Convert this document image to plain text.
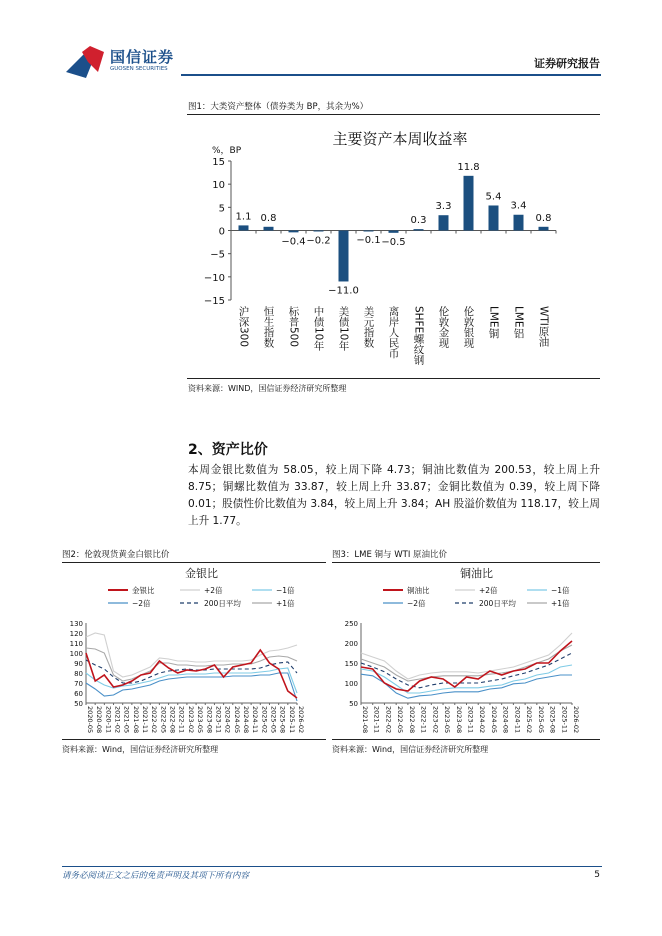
国信证券
GUOSEN SECURITIES	证券研究报告
图1：大类资产整体（债券类为 BP，其余为%）
主要资产本周收益率
%，BP
15
10
5
0
−5
−10
−15
1.1 0.8
−0.4 −0.2
−11.0
−0.1 −0.5
0.3
3.3
11.8
5.4
3.4
0.8
沪深300 恒生指数 标普500 中债10年 美债10年 美元指数 离岸人民币 SHFE螺纹钢 伦敦金现 伦敦银现 LME铜 LME铝 WTI原油
资料来源：WIND，国信证券经济研究所整理
2、资产比价

本周金银比数值为 58.05，较上周下降 4.73；铜油比数值为 200.53，较上周上升 8.75；铜螺比数值为 33.87，较上周上升 33.87；金铜比数值为 0.39，较上周下降 0.01；股债性价比数值为 3.84，较上周上升 3.84；AH 股溢价数值为 118.17，较上周上升 1.77。

图2：伦敦现货黄金白银比价
资料来源：Wind，国信证券经济研究所整理
图3：LME 铜与 WTI 原油比价
资料来源：Wind，国信证券经济研究所整理
金银比
金银比	+2倍	−1倍
−2倍	200日平均	+1倍
130
120
110
100
90
80
70
60
50
2020-05 2020-08 2020-11 2021-02 2021-05 2021-08 2021-11 2022-02 2022-05 2022-08 2022-11 2023-02 2023-05 2023-08 2023-11 2024-02 2024-05 2024-08 2024-11 2025-02 2025-05 2025-08 2025-11 2026-02
铜油比
铜油比	+2倍	−1倍
−2倍	200日平均	+1倍
250
200
150
100
50
2021-08 2021-11 2022-02 2022-05 2022-08 2022-11 2023-02 2023-05 2023-08 2023-11 2024-02 2024-05 2024-08 2024-11 2025-02 2025-05 2025-08 2025-11 2026-02
请务必阅读正文之后的免责声明及其项下所有内容	5
